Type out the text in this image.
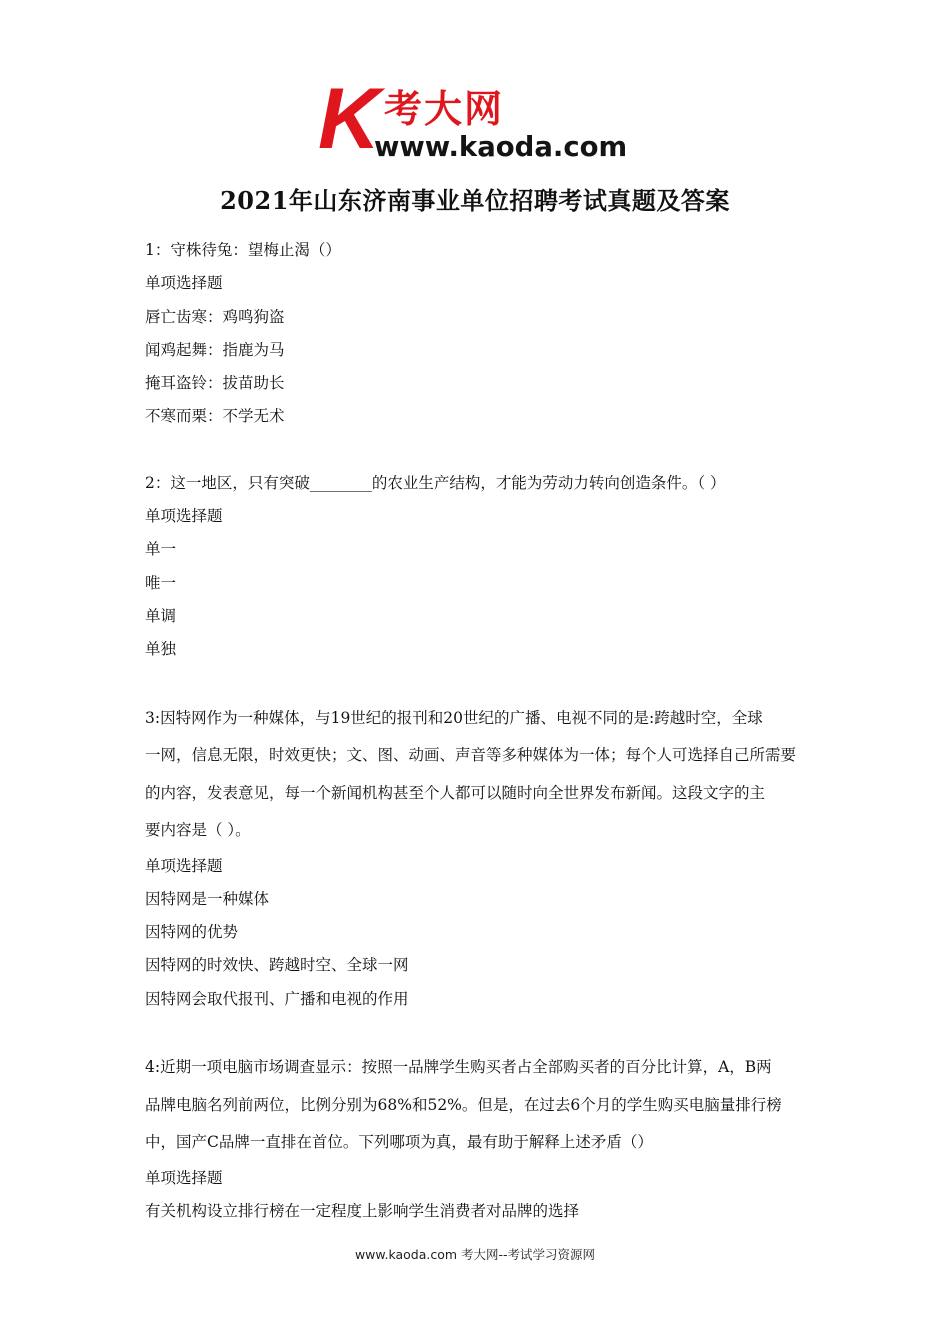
K 考大网
www.kaoda.com
2021年山东济南事业单位招聘考试真题及答案
1：守株待兔：望梅止渴（）
单项选择题
唇亡齿寒：鸡鸣狗盗
闻鸡起舞：指鹿为马
掩耳盗铃：拔苗助长
不寒而栗：不学无术
2：这一地区，只有突破________的农业生产结构，才能为劳动力转向创造条件。（ ）
单项选择题
单一
唯一
单调
单独
3:因特网作为一种媒体，与19世纪的报刊和20世纪的广播、电视不同的是:跨越时空，全球
一网，信息无限，时效更快；文、图、动画、声音等多种媒体为一体；每个人可选择自己所需要
的内容，发表意见，每一个新闻机构甚至个人都可以随时向全世界发布新闻。这段文字的主
要内容是（ ）。
单项选择题
因特网是一种媒体
因特网的优势
因特网的时效快、跨越时空、全球一网
因特网会取代报刊、广播和电视的作用
4:近期一项电脑市场调查显示：按照一品牌学生购买者占全部购买者的百分比计算，A，B两
品牌电脑名列前两位，比例分别为68%和52%。但是，在过去6个月的学生购买电脑量排行榜
中，国产C品牌一直排在首位。下列哪项为真，最有助于解释上述矛盾（）
单项选择题
有关机构设立排行榜在一定程度上影响学生消费者对品牌的选择
www.kaoda.com 考大网--考试学习资源网
